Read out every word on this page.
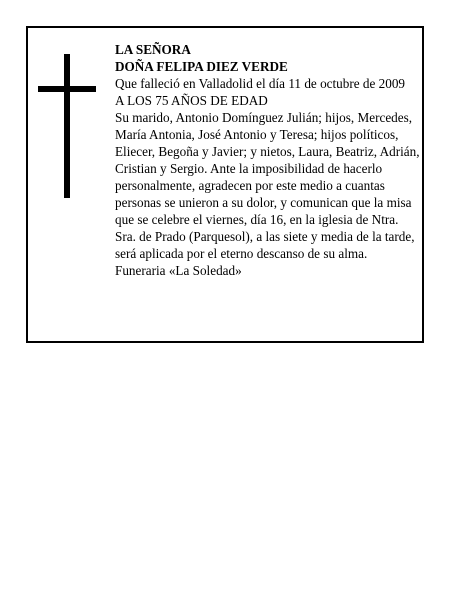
LA SEÑORA

DOÑA FELIPA DIEZ VERDE

Que falleció en Valladolid el día 11 de octubre de 2009

A LOS 75 AÑOS DE EDAD

Su marido, Antonio Domínguez Julián; hijos, Mercedes, María Antonia, José Antonio y Teresa; hijos políticos, Eliecer, Begoña y Javier; y nietos, Laura, Beatriz, Adrián, Cristian y Sergio. Ante la imposibilidad de hacerlo personalmente, agradecen por este medio a cuantas personas se unieron a su dolor, y comunican que la misa que se celebre el viernes, día 16, en la iglesia de Ntra. Sra. de Prado (Parquesol), a las siete y media de la tarde, será aplicada por el eterno descanso de su alma.

Funeraria «La Soledad»
